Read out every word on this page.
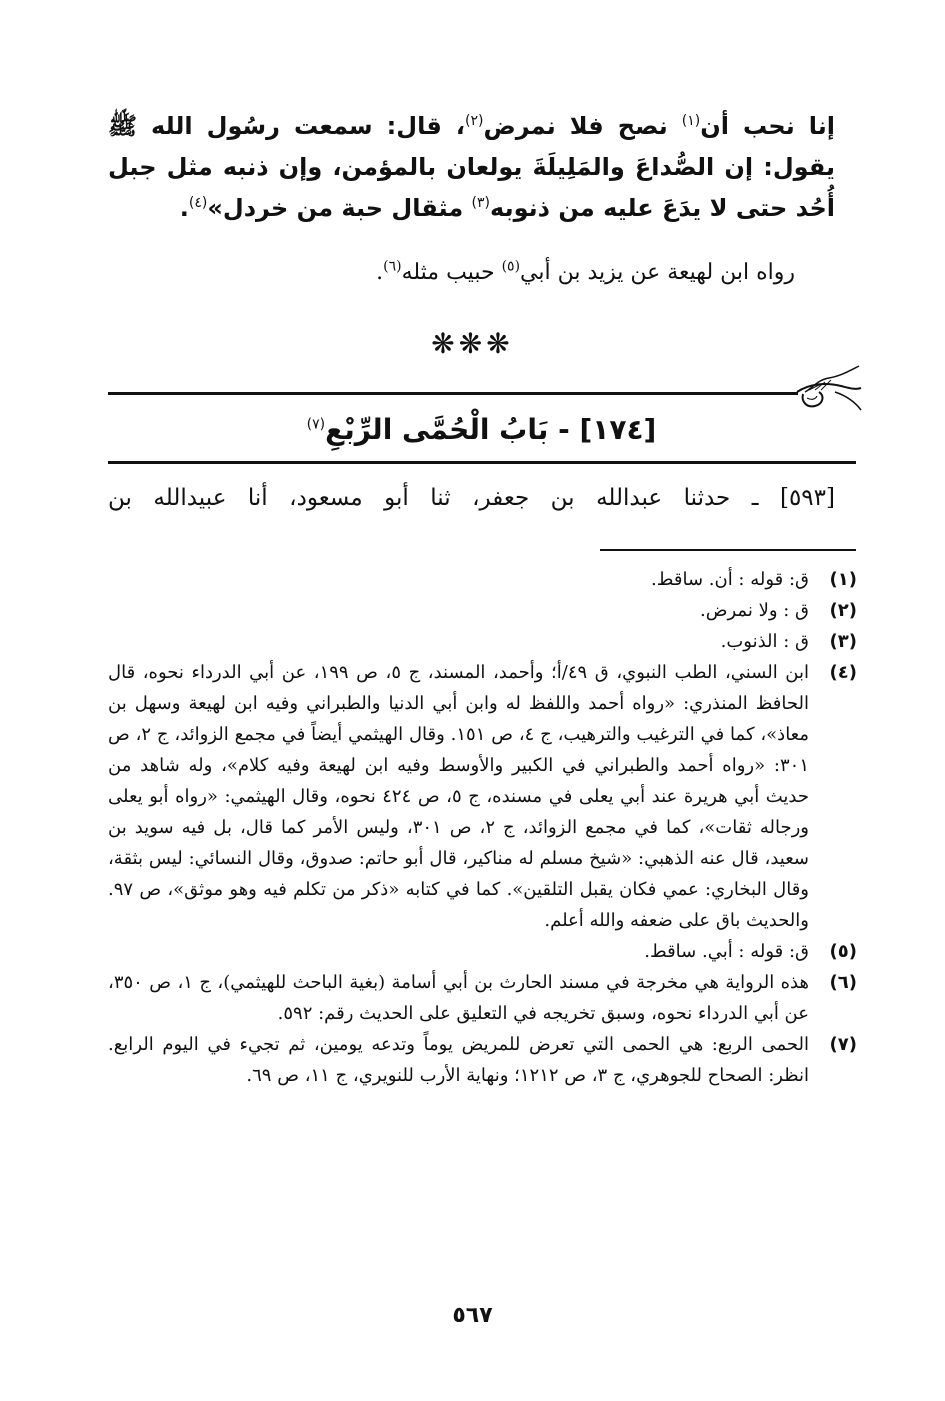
إنا نحب أن$^{(١)}$ نصح فلا نمرض$^{(٢)}$، قال: سمعت رسُول الله ﷺ يقول: إن الصُّداعَ والمَلِيلَةَ يولعان بالمؤمن، وإن ذنبه مثل جبل أُحُد حتى لا يدَعَ عليه من ذنوبه$^{(٣)}$ مثقال حبة من خردل»$^{(٤)}$.
رواه ابن لهيعة عن يزيد بن أبي$^{(٥)}$ حبيب مثله$^{(٦)}$.
❋❋❋
[١٧٤] - بَابُ الْحُمَّى الرِّبْعِ$^{(٧)}$
[٥٩٣] ـ حدثنا عبدالله بن جعفر، ثنا أبو مسعود، أنا عبيدالله بن
(١)
ق: قوله : أن. ساقط.
(٢)
ق : ولا نمرض.
(٣)
ق : الذنوب.
(٤)
ابن السني، الطب النبوي، ق ٤٩/أ؛ وأحمد، المسند، ج ٥، ص ١٩٩، عن أبي الدرداء نحوه، قال الحافظ المنذري: «رواه أحمد واللفظ له وابن أبي الدنيا والطبراني وفيه ابن لهيعة وسهل بن معاذ»، كما في الترغيب والترهيب، ج ٤، ص ١٥١. وقال الهيثمي أيضاً في مجمع الزوائد، ج ٢، ص ٣٠١: «رواه أحمد والطبراني في الكبير والأوسط وفيه ابن لهيعة وفيه كلام»، وله شاهد من حديث أبي هريرة عند أبي يعلى في مسنده، ج ٥، ص ٤٢٤ نحوه، وقال الهيثمي: «رواه أبو يعلى ورجاله ثقات»، كما في مجمع الزوائد، ج ٢، ص ٣٠١، وليس الأمر كما قال، بل فيه سويد بن سعيد، قال عنه الذهبي: «شيخ مسلم له مناكير، قال أبو حاتم: صدوق، وقال النسائي: ليس بثقة، وقال البخاري: عمي فكان يقبل التلقين». كما في كتابه «ذكر من تكلم فيه وهو موثق»، ص ٩٧. والحديث باق على ضعفه والله أعلم.
(٥)
ق: قوله : أبي. ساقط.
(٦)
هذه الرواية هي مخرجة في مسند الحارث بن أبي أسامة (بغية الباحث للهيثمي)، ج ١، ص ٣٥٠، عن أبي الدرداء نحوه، وسبق تخريجه في التعليق على الحديث رقم: ٥٩٢.
(٧)
الحمى الربع: هي الحمى التي تعرض للمريض يوماً وتدعه يومين، ثم تجيء في اليوم الرابع. انظر: الصحاح للجوهري، ج ٣، ص ١٢١٢؛ ونهاية الأرب للنويري، ج ١١، ص ٦٩.
٥٦٧
